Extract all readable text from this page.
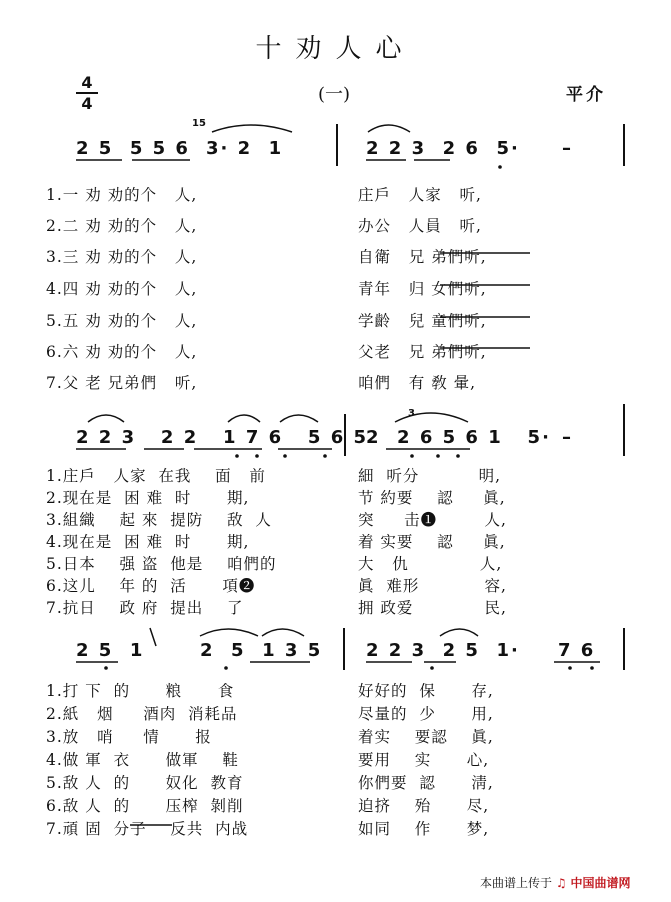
十劝人心
4
4	(一)	平介
2 5  5 5 6 3· 2  1	2 2 3  2 6  5· –
1
5
1.一 劝 劝的个   人,	庄戶   人家   听,
2.二 劝 劝的个   人,	办公   人員   听,
3.三 劝 劝的个   人,	自衛   兄 弟們听,
4.四 劝 劝的个   人,	青年   归 女們听,
5.五 劝 劝的个   人,	学齡   兒 童們听,
6.六 劝 劝的个   人,	父老   兄 弟們听,
7.父 老 兄弟們   听,	咱們   有 敎 暈,
2 2 3   2 2   1 7 6   5 6 5
2  2 6 5 6 1   5· –
3
1.庄戶   人家  在我    面   前	細  听分          明,
2.现在是  困 难  时      期,	节 約要    認     眞,
3.組織    起 來  提防    敌  人	突     击❶        人,
4.现在是  困 难  时      期,	着 实要    認     眞,
5.日本    强 盗  他是    咱們的	大   仇            人,
6.这儿    年 的  活      項❷	眞  难形           容,
7.抗日    政 府  提出    了	拥 政爱            民,
2 5  1	2  5  1 3 5 2 2 3  2 5  1· 7 6
1.打 下  的      粮      食	好好的  保      存,
2.紙   烟     酒肉  消耗品	尽量的  少      用,
3.放   哨     情      报	着实    要認    眞,
4.做 軍  衣      做軍    鞋	要用    实      心,
5.敌 人  的      奴化  教育	你們要  認      淸,
6.敌 人  的      压榨  剝削	迫挤    殆      尽,
7.頑 固  分子    反共  内战	如同    作      梦,
本曲谱上传于 ♫ 中国曲谱网
